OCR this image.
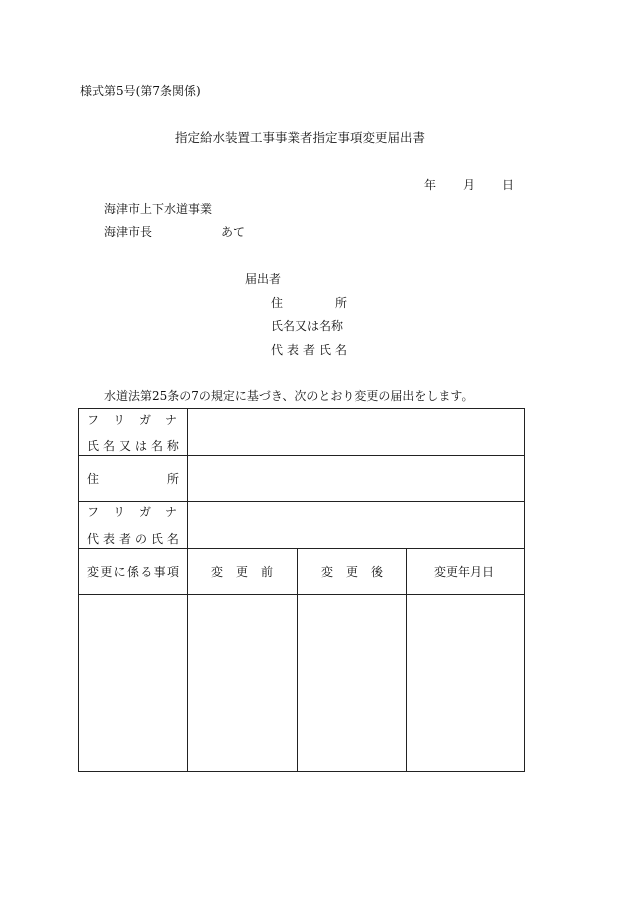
様式第5号(第7条関係)
指定給水装置工事事業者指定事項変更届出書
年 月 日
海津市上下水道事業
海津市長	あて
届出者
住	所
氏名又は名称
代 表 者 氏 名
水道法第25条の7の規定に基づき、次のとおり変更の届出をします。
フ リ ガ ナ
氏 名 又 は 名 称
住	所
フ リ ガ ナ
代 表 者 の 氏 名
変 更 に 係 る 事 項	変 更 前	変 更 後	変更年月日
